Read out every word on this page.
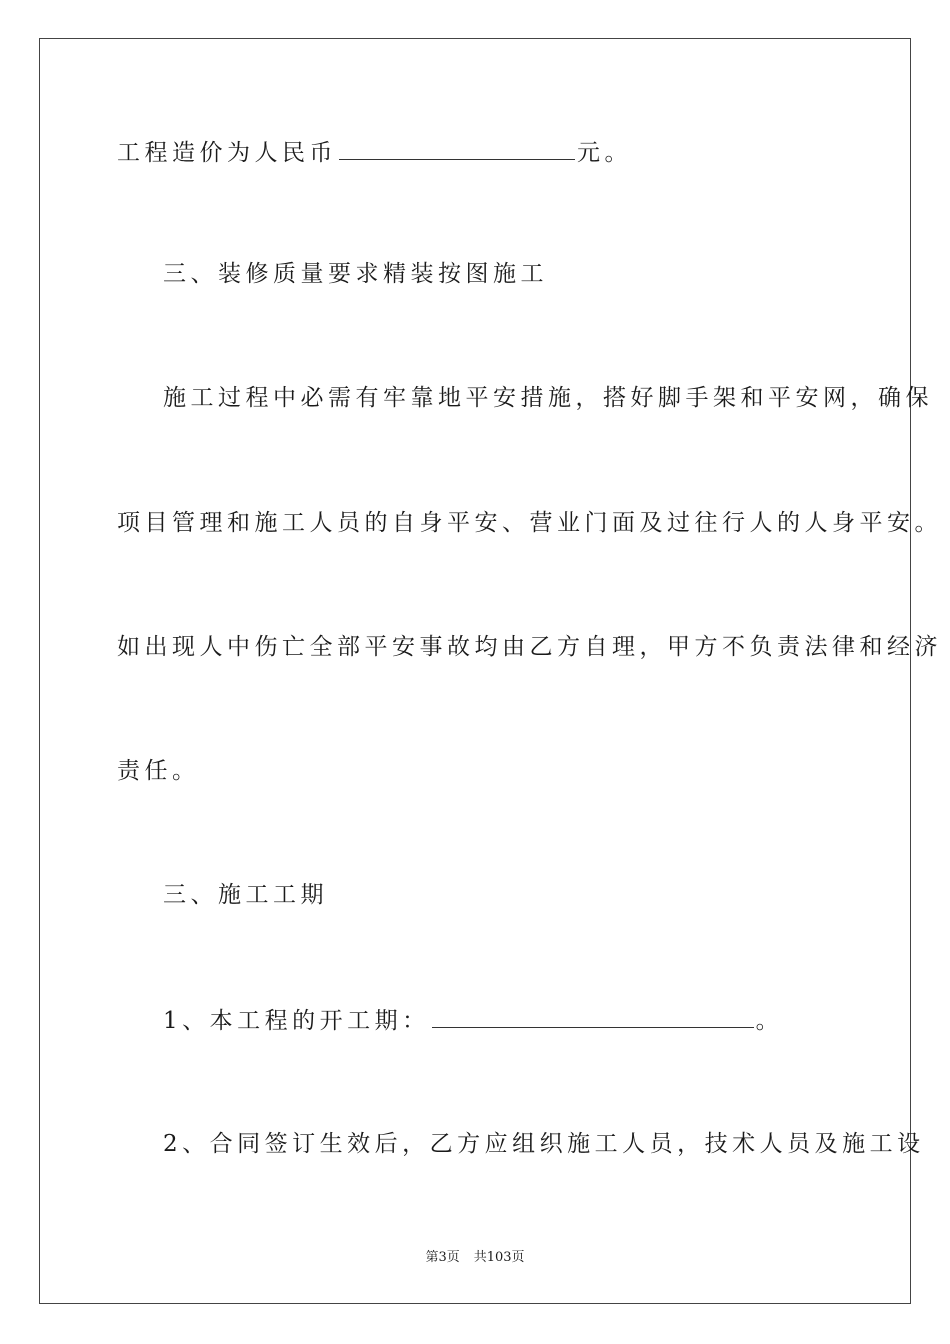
工程造价为人民币	元。
三、装修质量要求精装按图施工
施工过程中必需有牢靠地平安措施，搭好脚手架和平安网，确保
项目管理和施工人员的自身平安、营业门面及过往行人的人身平安。
如出现人中伤亡全部平安事故均由乙方自理，甲方不负责法律和经济
责任。
三、施工工期
1、本工程的开工期：	。
2、合同签订生效后，乙方应组织施工人员，技术人员及施工设
第3页 共103页
